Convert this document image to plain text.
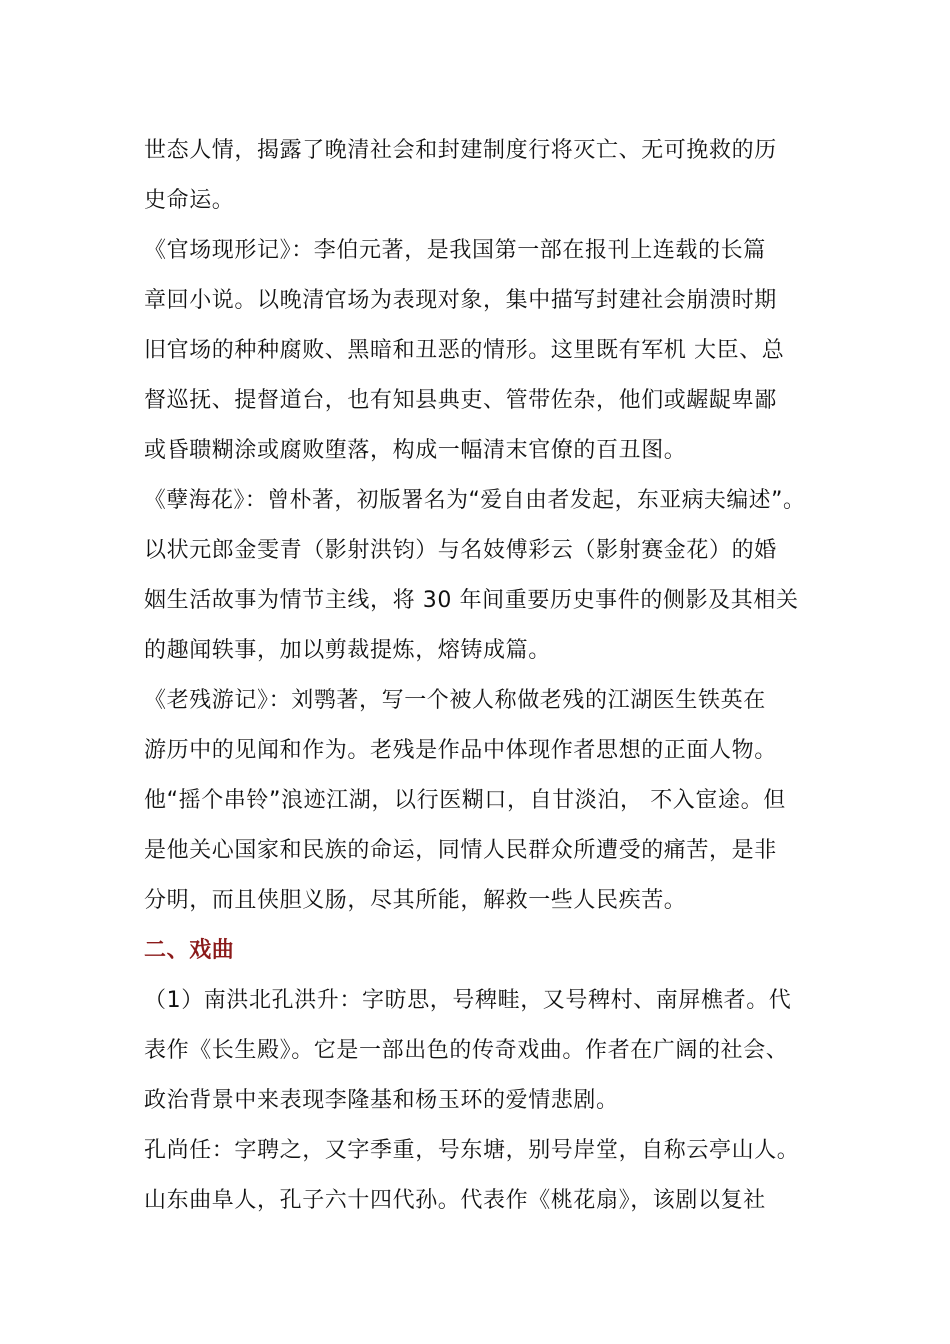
世态人情，揭露了晚清社会和封建制度行将灭亡、无可挽救的历
史命运。
《官场现形记》：李伯元著，是我国第一部在报刊上连载的长篇
章回小说。以晚清官场为表现对象，集中描写封建社会崩溃时期
旧官场的种种腐败、黑暗和丑恶的情形。这里既有军机 大臣、总
督巡抚、提督道台，也有知县典吏、管带佐杂，他们或龌龊卑鄙
或昏聩糊涂或腐败堕落，构成一幅清末官僚的百丑图。
《孽海花》：曾朴著，初版署名为“爱自由者发起，东亚病夫编述”。
以状元郎金雯青（影射洪钧）与名妓傅彩云（影射赛金花）的婚
姻生活故事为情节主线，将 30 年间重要历史事件的侧影及其相关
的趣闻轶事，加以剪裁提炼，熔铸成篇。
《老残游记》：刘鹗著，写一个被人称做老残的江湖医生铁英在
游历中的见闻和作为。老残是作品中体现作者思想的正面人物。
他“摇个串铃”浪迹江湖，以行医糊口，自甘淡泊， 不入宦途。但
是他关心国家和民族的命运，同情人民群众所遭受的痛苦，是非
分明，而且侠胆义肠，尽其所能，解救一些人民疾苦。
二、戏曲
（1）南洪北孔洪升：字昉思，号稗畦，又号稗村、南屏樵者。代
表作《长生殿》。它是一部出色的传奇戏曲。作者在广阔的社会、
政治背景中来表现李隆基和杨玉环的爱情悲剧。
孔尚任：字聘之，又字季重，号东塘，别号岸堂，自称云亭山人。
山东曲阜人，孔子六十四代孙。代表作《桃花扇》，该剧以复社
